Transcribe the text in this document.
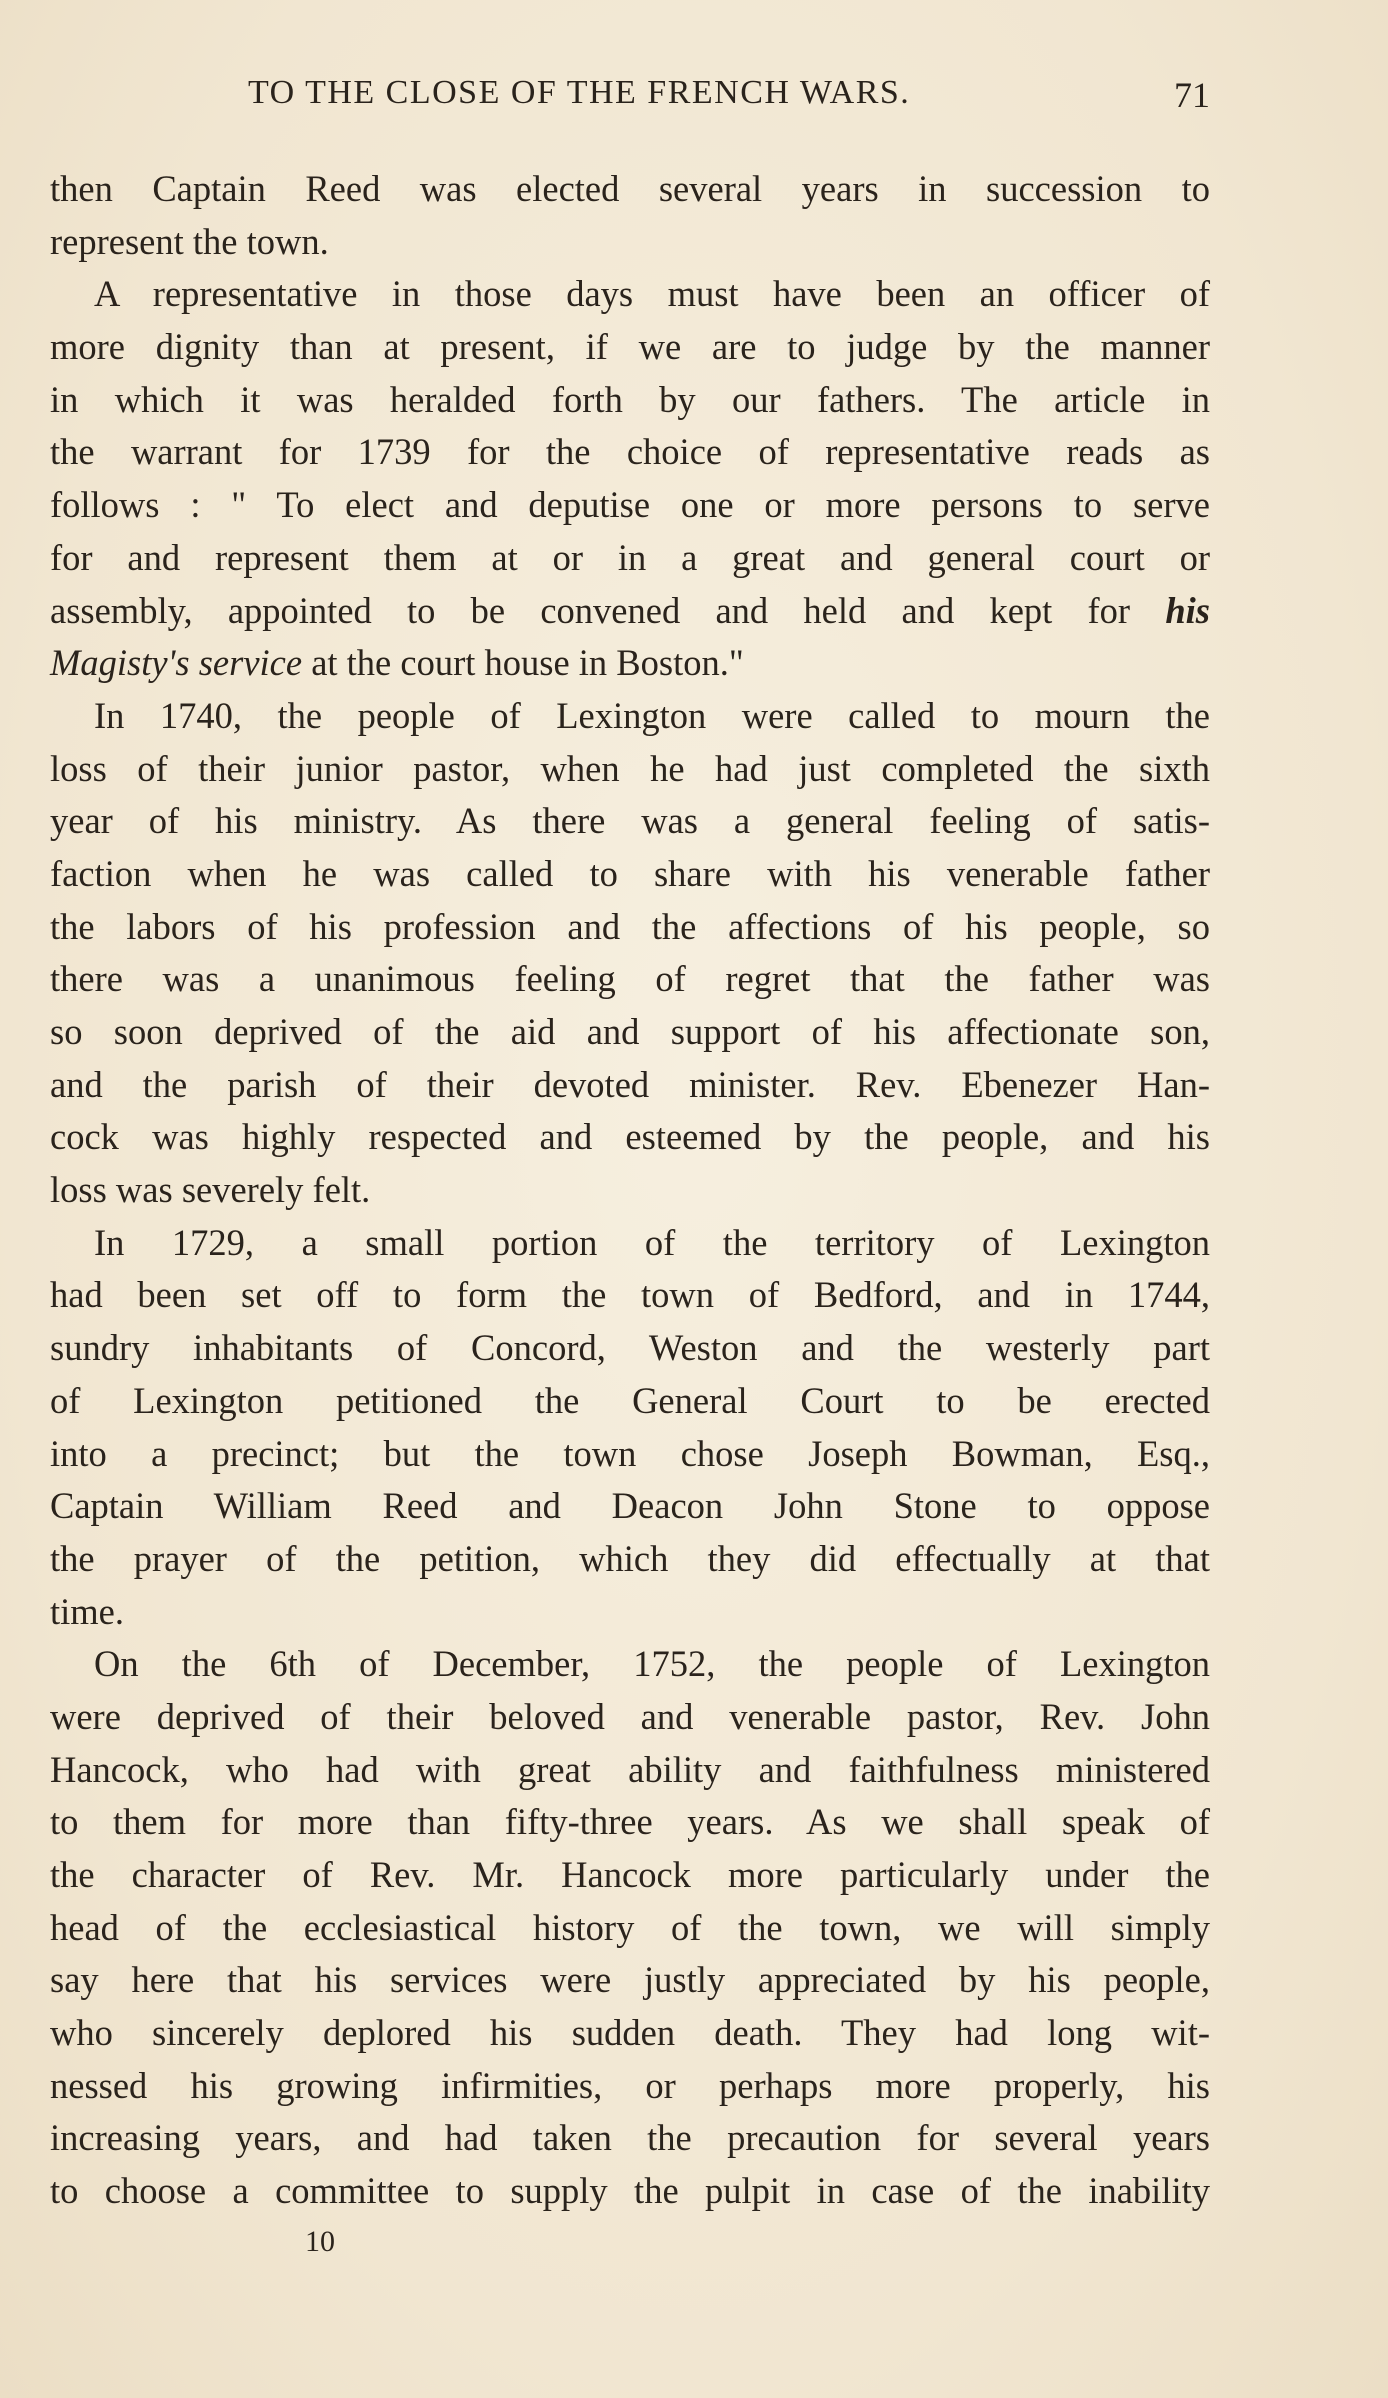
TO THE CLOSE OF THE FRENCH WARS.	71
then Captain Reed was elected several years in succession to
represent the town.
A representative in those days must have been an officer of
more dignity than at present, if we are to judge by the manner
in which it was heralded forth by our fathers. The article in
the warrant for 1739 for the choice of representative reads as
follows : " To elect and deputise one or more persons to serve
for and represent them at or in a great and general court or
assembly, appointed to be convened and held and kept for his
Magisty's service at the court house in Boston."
In 1740, the people of Lexington were called to mourn the
loss of their junior pastor, when he had just completed the sixth
year of his ministry. As there was a general feeling of satis-
faction when he was called to share with his venerable father
the labors of his profession and the affections of his people, so
there was a unanimous feeling of regret that the father was
so soon deprived of the aid and support of his affectionate son,
and the parish of their devoted minister. Rev. Ebenezer Han-
cock was highly respected and esteemed by the people, and his
loss was severely felt.
In 1729, a small portion of the territory of Lexington
had been set off to form the town of Bedford, and in 1744,
sundry inhabitants of Concord, Weston and the westerly part
of Lexington petitioned the General Court to be erected
into a precinct; but the town chose Joseph Bowman, Esq.,
Captain William Reed and Deacon John Stone to oppose
the prayer of the petition, which they did effectually at that
time.
On the 6th of December, 1752, the people of Lexington
were deprived of their beloved and venerable pastor, Rev. John
Hancock, who had with great ability and faithfulness ministered
to them for more than fifty-three years. As we shall speak of
the character of Rev. Mr. Hancock more particularly under the
head of the ecclesiastical history of the town, we will simply
say here that his services were justly appreciated by his people,
who sincerely deplored his sudden death. They had long wit-
nessed his growing infirmities, or perhaps more properly, his
increasing years, and had taken the precaution for several years
to choose a committee to supply the pulpit in case of the inability
10
